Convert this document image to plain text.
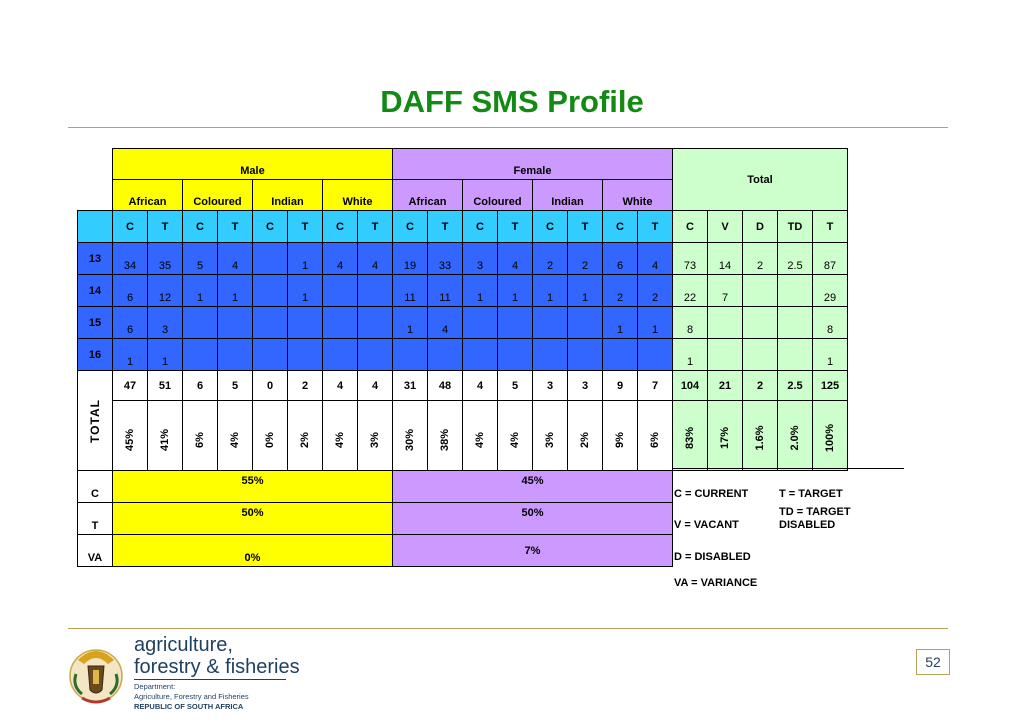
DAFF SMS Profile
	Male								Female								Total				
	African		Coloured		Indian		White		African		Coloured		Indian		White						
	C	T	C	T	C	T	C	T	C	T	C	T	C	T	C	T	C	V	D	TD	T
13	34	35	5	4		1	4	4	19	33	3	4	2	2	6	4	73	14	2	2.5	87
14	6	12	1	1		1			11	11	1	1	1	1	2	2	22	7			29
15	6	3							1	4					1	1	8				8
16	1	1															1				1

TOTAL	47	51	6	5	0	2	4	4	31	48	4	5	3	3	9	7	104	21	2	2.5	125

	45%	41%	6%	4%	0%	2%	4%	3%	30%	38%	4%	4%	3%	2%	9%	6%	83%	17%	1.6%	2.0%	100%

C	55%								45%												
T	50%								50%												
VA	0%								7%												
C = CURRENT	T = TARGET
TD = TARGET DISABLED
V = VACANT
D = DISABLED
VA = VARIANCE
agriculture,
forestry & fisheries
Department:
Agriculture, Forestry and Fisheries
REPUBLIC OF SOUTH AFRICA
52
